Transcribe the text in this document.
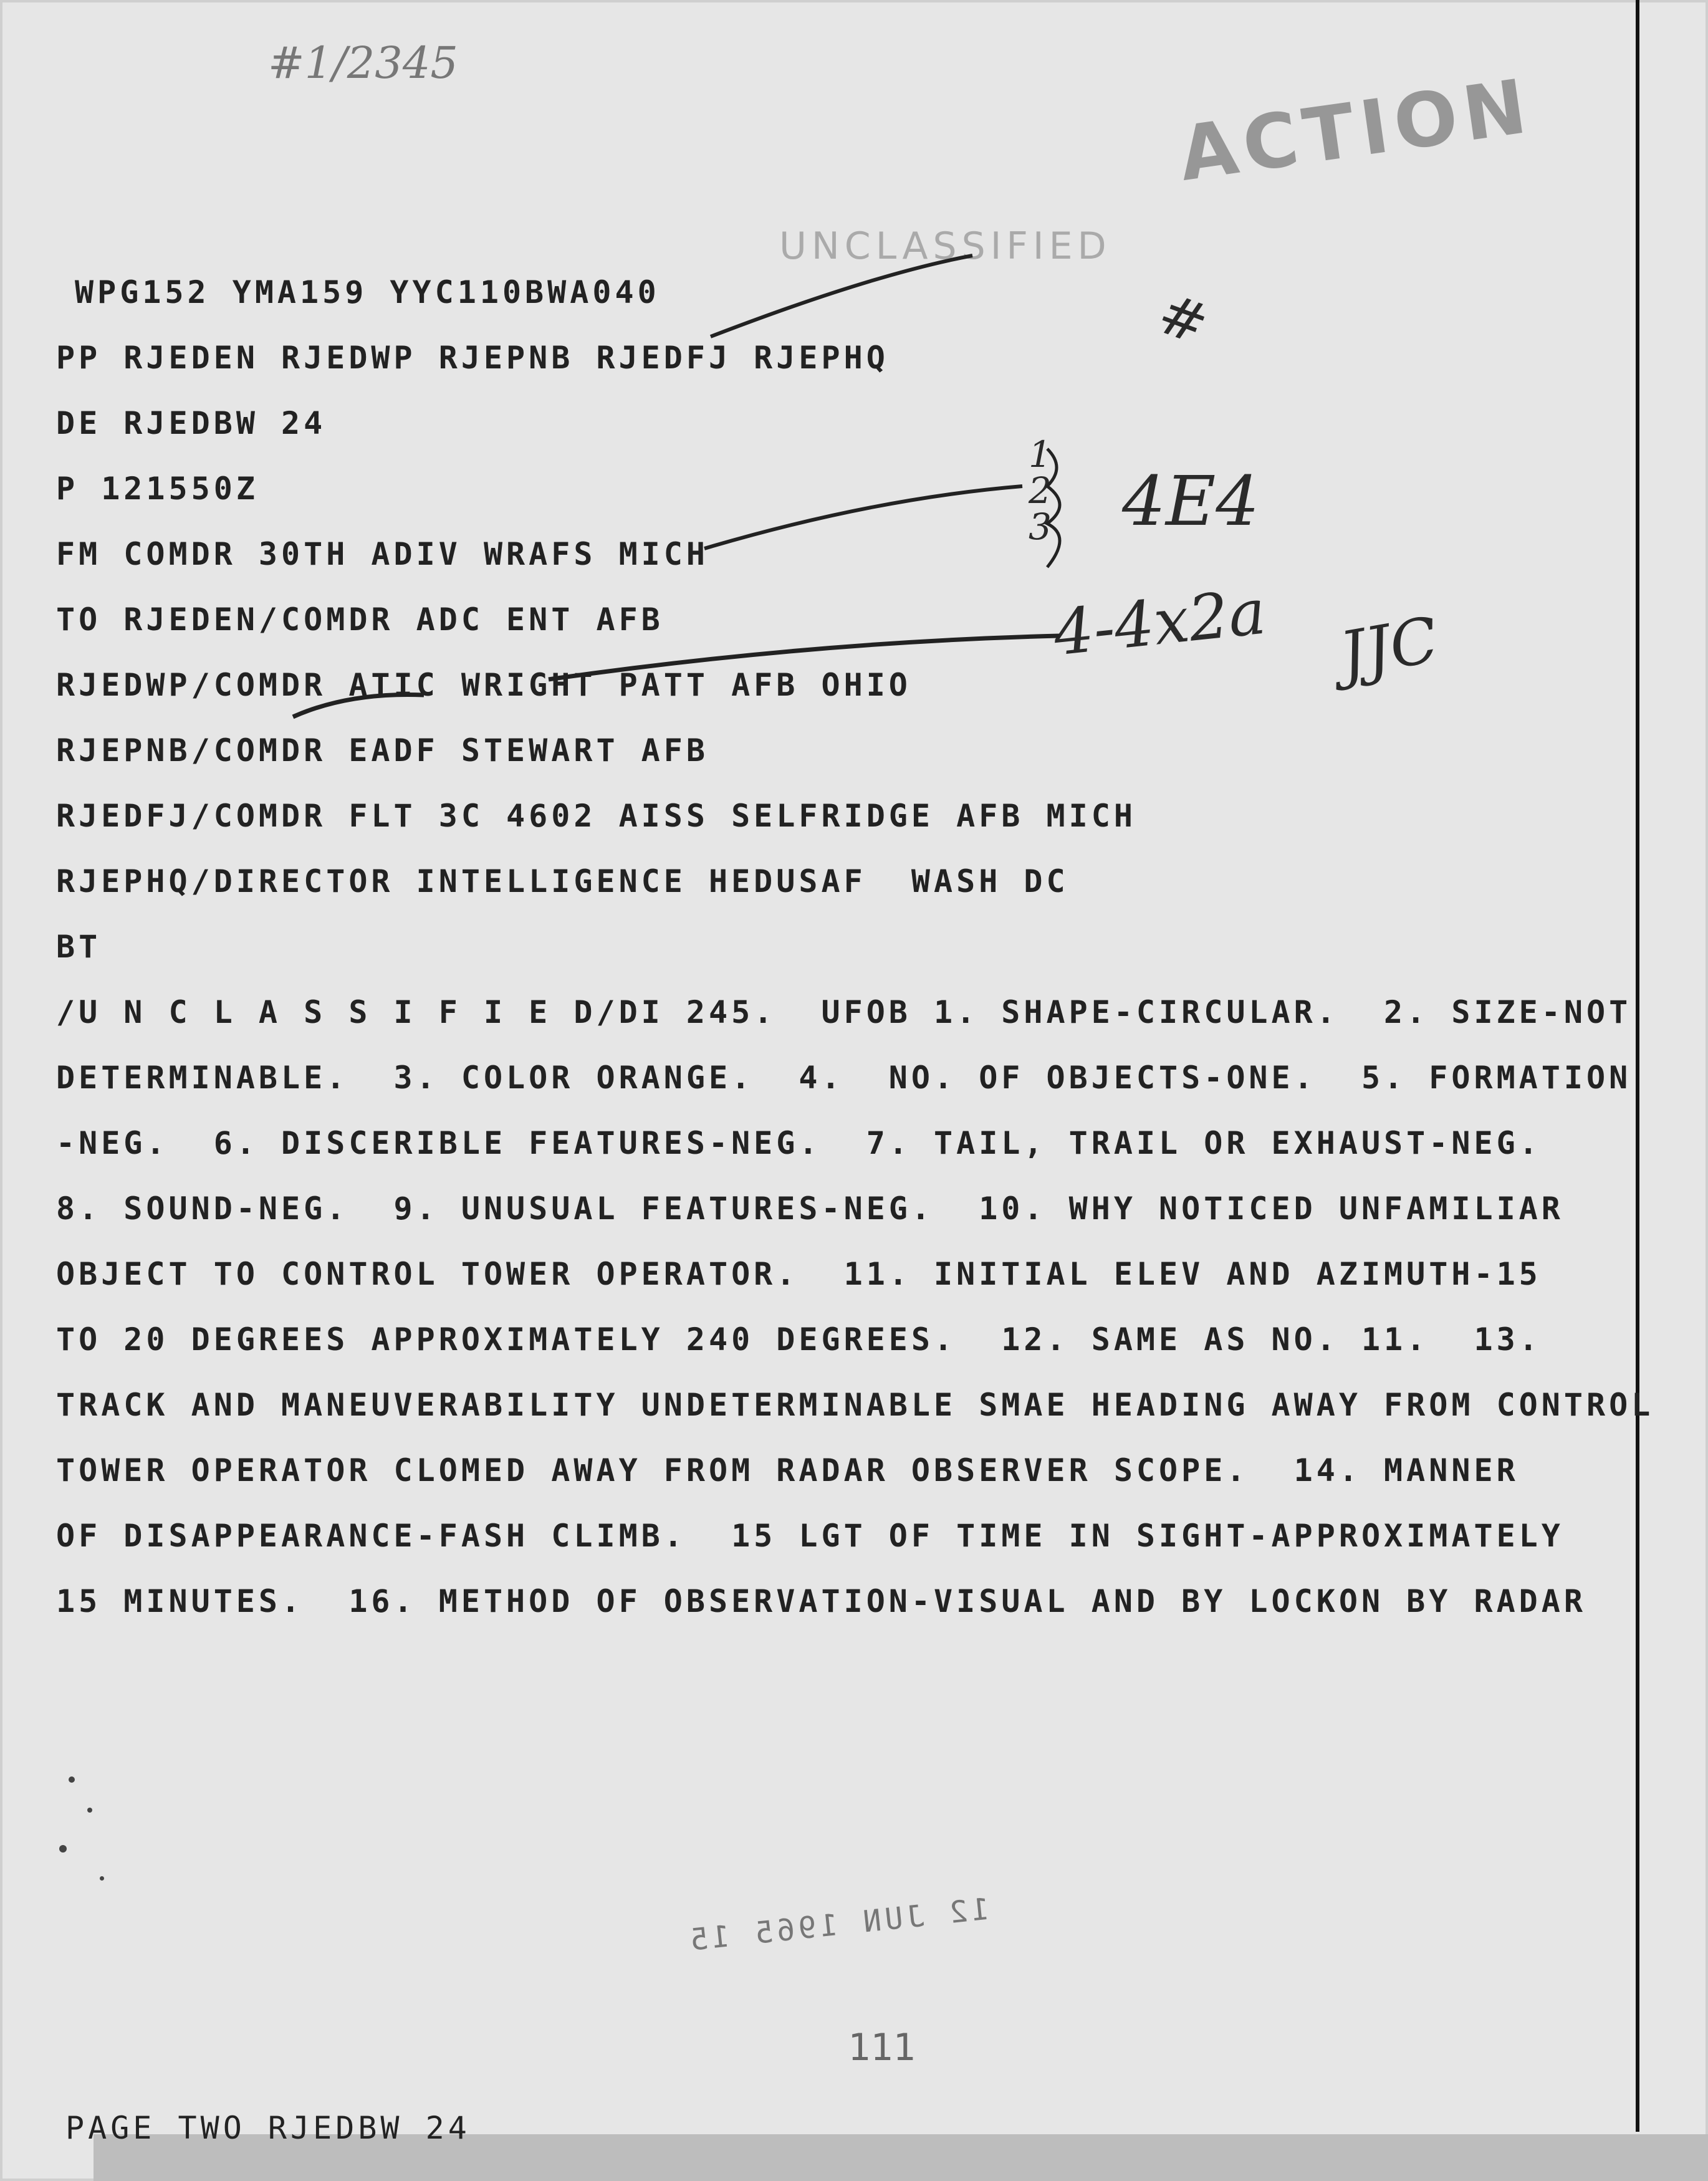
#1/2345
ACTION
UNCLASSIFIED

WPG152 YMA159 YYC110BWA040

PP RJEDEN RJEDWP RJEPNB RJEDFJ RJEPHQ

DE RJEDBW 24

P 121550Z

FM COMDR 30TH ADIV WRAFS MICH

TO RJEDEN/COMDR ADC ENT AFB

RJEDWP/COMDR ATIC WRIGHT PATT AFB OHIO

RJEPNB/COMDR EADF STEWART AFB

RJEDFJ/COMDR FLT 3C 4602 AISS SELFRIDGE AFB MICH

RJEPHQ/DIRECTOR INTELLIGENCE HEDUSAF  WASH DC

BT

/U N C L A S S I F I E D/DI 245.  UFOB 1. SHAPE-CIRCULAR.  2. SIZE-NOT

DETERMINABLE.  3. COLOR ORANGE.  4.  NO. OF OBJECTS-ONE.  5. FORMATION

-NEG.  6. DISCERIBLE FEATURES-NEG.  7. TAIL, TRAIL OR EXHAUST-NEG.

8. SOUND-NEG.  9. UNUSUAL FEATURES-NEG.  10. WHY NOTICED UNFAMILIAR

OBJECT TO CONTROL TOWER OPERATOR.  11. INITIAL ELEV AND AZIMUTH-15

TO 20 DEGREES APPROXIMATELY 240 DEGREES.  12. SAME AS NO. 11.  13.

TRACK AND MANEUVERABILITY UNDETERMINABLE SMAE HEADING AWAY FROM CONTROL

TOWER OPERATOR CLOMED AWAY FROM RADAR OBSERVER SCOPE.  14. MANNER

OF DISAPPEARANCE-FASH CLIMB.  15 LGT OF TIME IN SIGHT-APPROXIMATELY

15 MINUTES.  16. METHOD OF OBSERVATION-VISUAL AND BY LOCKON BY RADAR

1
2
3 4E4
4-4x2a JJC
#
12 JUN 1965 15
111

PAGE TWO RJEDBW 24
